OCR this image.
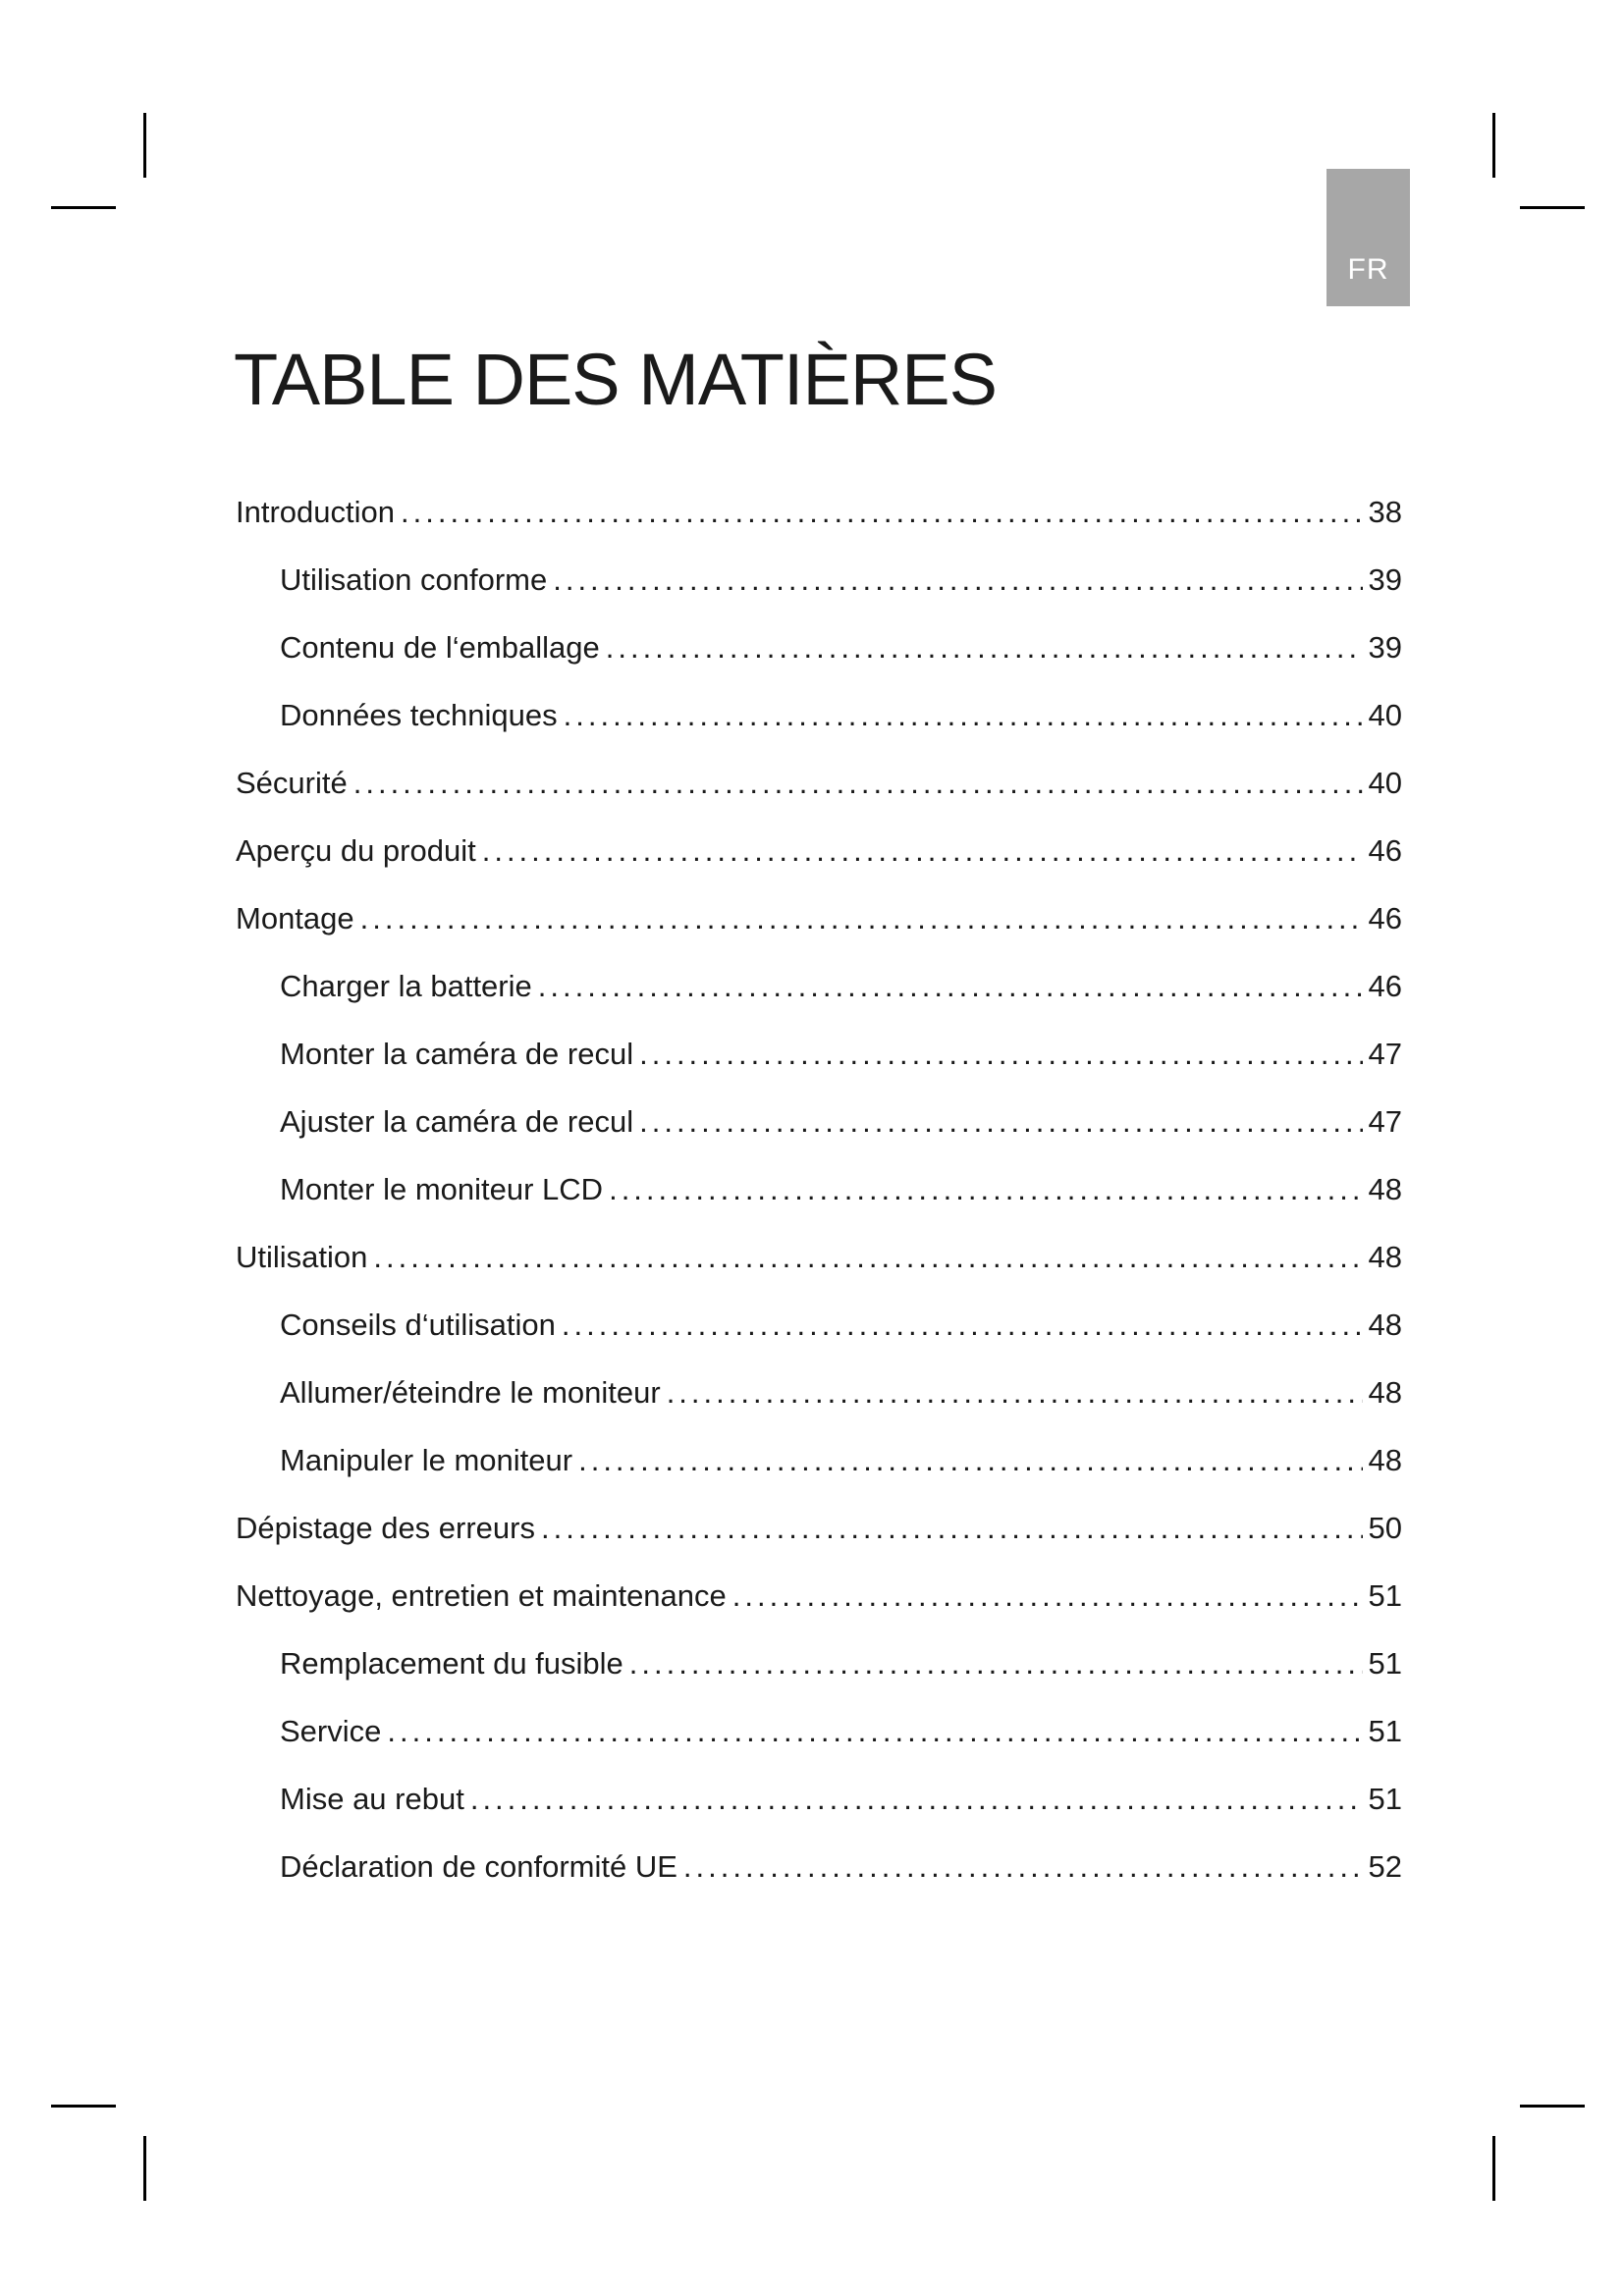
FR
TABLE DES MATIÈRES
Introduction .....	38
Utilisation conforme .....	39
Contenu de l‘emballage .....	39
Données techniques .....	40
Sécurité .....	40
Aperçu du produit .....	46
Montage .....	46
Charger la batterie .....	46
Monter la caméra de recul .....	47
Ajuster la caméra de recul .....	47
Monter le moniteur LCD .....	48
Utilisation .....	48
Conseils d‘utilisation .....	48
Allumer/éteindre le moniteur .....	48
Manipuler le moniteur .....	48
Dépistage des erreurs .....	50
Nettoyage, entretien et maintenance .....	51
Remplacement du fusible .....	51
Service .....	51
Mise au rebut .....	51
Déclaration de conformité UE .....	52
